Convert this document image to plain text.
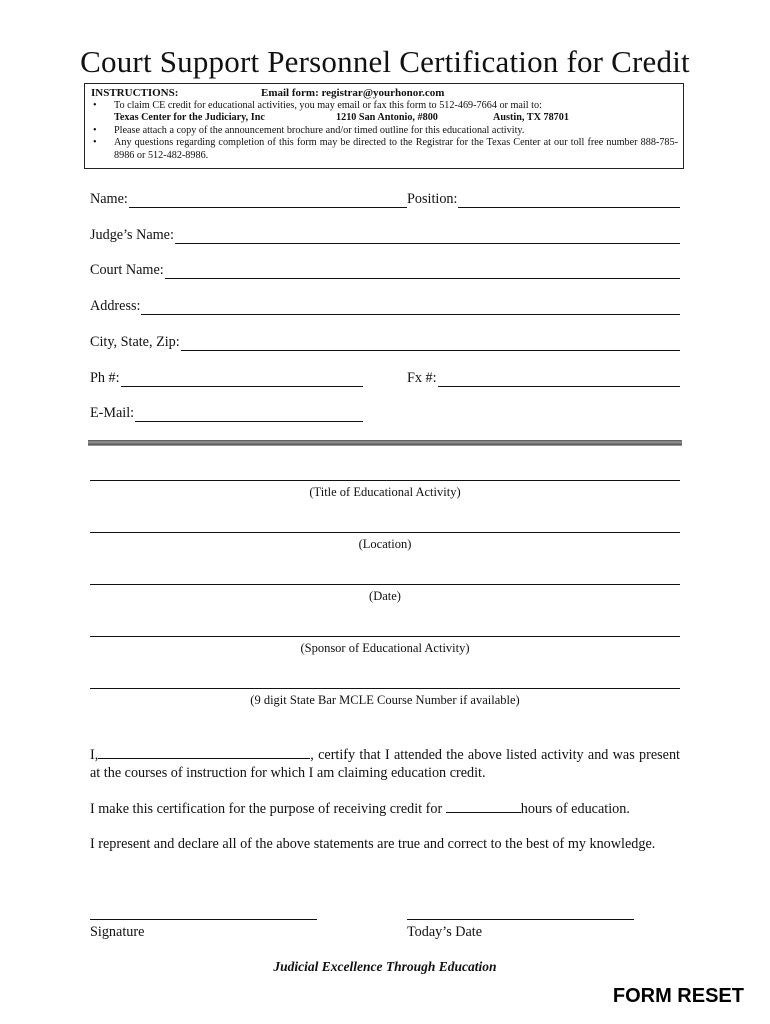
Court Support Personnel Certification for Credit
INSTRUCTIONS:	Email form: registrar@yourhonor.com
• To claim CE credit for educational activities, you may email or fax this form to 512-469-7664 or mail to:
Texas Center for the Judiciary, Inc	1210 San Antonio, #800	Austin, TX 78701
• Please attach a copy of the announcement brochure and/or timed outline for this educational activity.
• Any questions regarding completion of this form may be directed to the Registrar for the Texas Center at our toll free number 888-785-8986 or 512-482-8986.
Name:	Position:
Judge’s Name:
Court Name:
Address:
City, State, Zip:
Ph #:	Fx #:
E-Mail:
(Title of Educational Activity)
(Location)
(Date)
(Sponsor of Educational Activity)
(9 digit State Bar MCLE Course Number if available)
I,	, certify that I attended the above listed activity and was present at the courses of instruction for which I am claiming education credit.
I make this certification for the purpose of receiving credit for	hours of education.
I represent and declare all of the above statements are true and correct to the best of my knowledge.
Signature	Today’s Date
Judicial Excellence Through Education
FORM RESET
